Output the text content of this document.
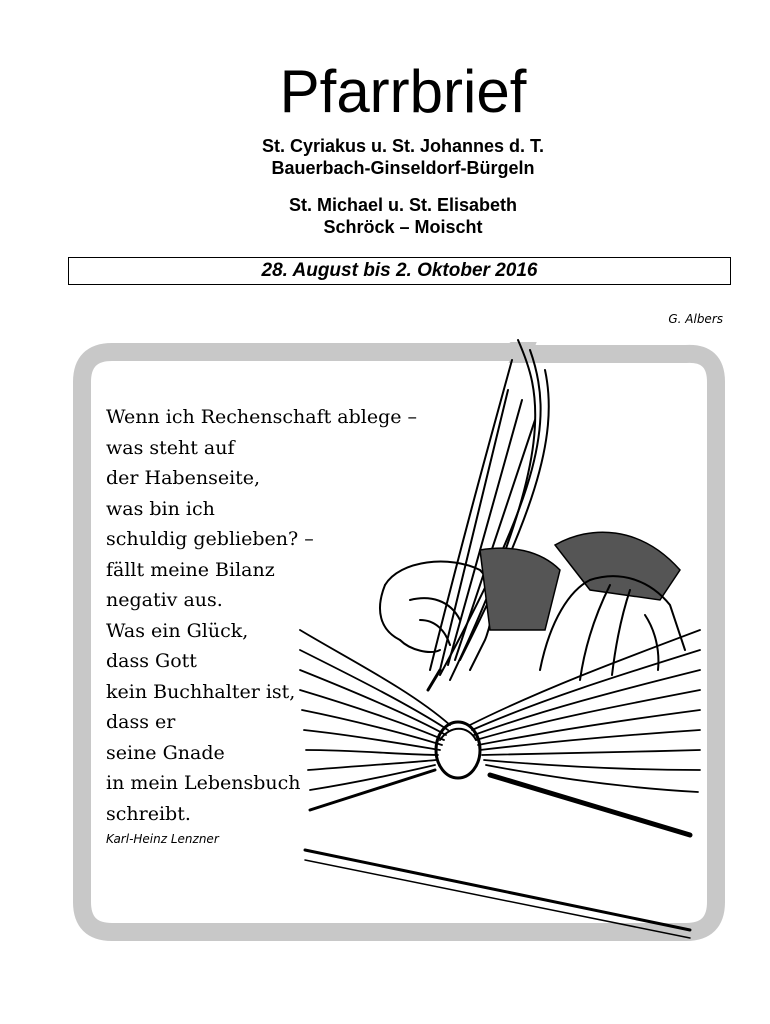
Pfarrbrief
St. Cyriakus u. St. Johannes d. T.
Bauerbach-Ginseldorf-Bürgeln
St. Michael u. St. Elisabeth
Schröck – Moischt
28. August bis 2. Oktober 2016
G. Albers
Wenn ich Rechenschaft ablege –
was steht auf
der Habenseite,
was bin ich
schuldig geblieben? –
fällt meine Bilanz
negativ aus.
Was ein Glück,
dass Gott
kein Buchhalter ist,
dass er
seine Gnade
in mein Lebensbuch
schreibt.
Karl-Heinz Lenzner
